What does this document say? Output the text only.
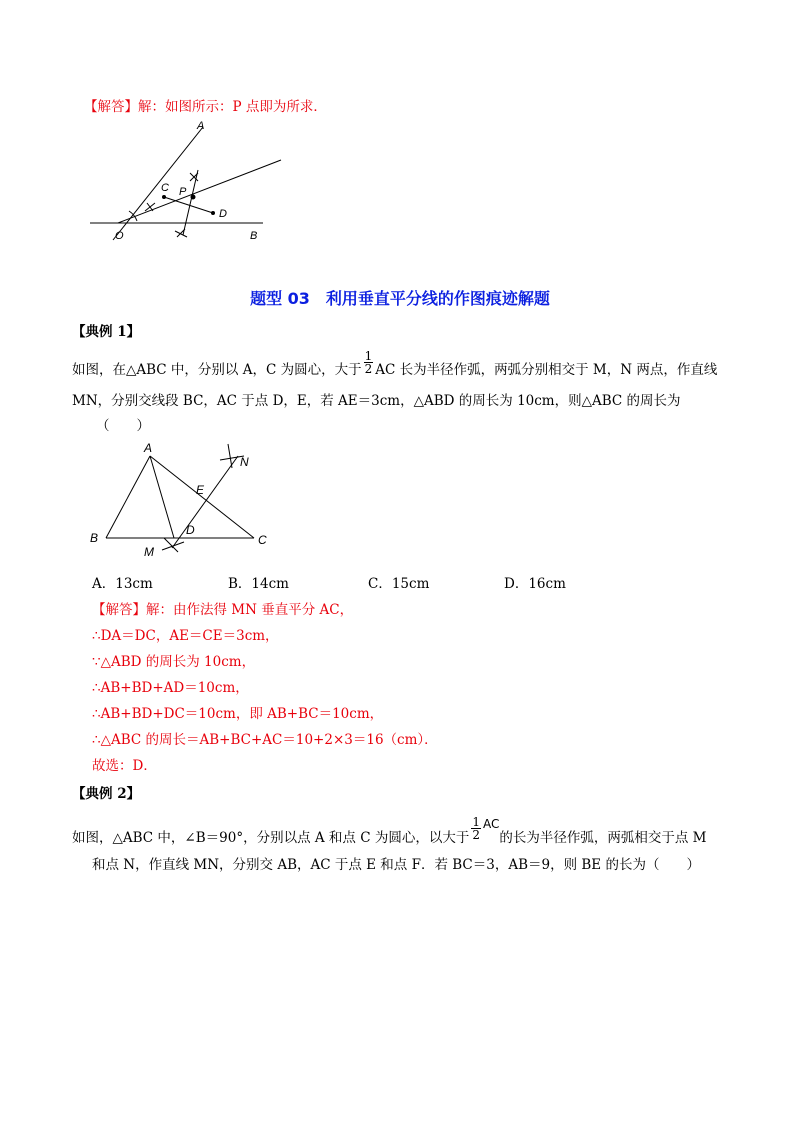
【解答】解：如图所示：P 点即为所求．
A
B
C
D
O
P
题型 03　利用垂直平分线的作图痕迹解题
【典例 1】
如图，在△ABC 中，分别以 A，C 为圆心，大于 $\frac{1}{2}$ AC 长为半径作弧，两弧分别相交于 M，N 两点，作直线
MN，分别交线段 BC，AC 于点 D，E，若 AE＝3cm，△ABD 的周长为 10cm，则△ABC 的周长为
（　　）
A
B	C
D
E
M
N
A．13cm	B．14cm	C．15cm	D．16cm
【解答】解：由作法得 MN 垂直平分 AC，
∴DA＝DC，AE＝CE＝3cm，
∵△ABD 的周长为 10cm，
∴AB+BD+AD＝10cm，
∴AB+BD+DC＝10cm，即 AB+BC＝10cm，
∴△ABC 的周长＝AB+BC+AC＝10+2×3＝16（cm）．
故选：D．
【典例 2】
如图，△ABC 中，∠B＝90°，分别以点 A 和点 C 为圆心，以大于 $\frac{1}{2}$ AC的长为半径作弧，两弧相交于点 M
和点 N，作直线 MN，分别交 AB，AC 于点 E 和点 F．若 BC＝3，AB＝9，则 BE 的长为（　　）
